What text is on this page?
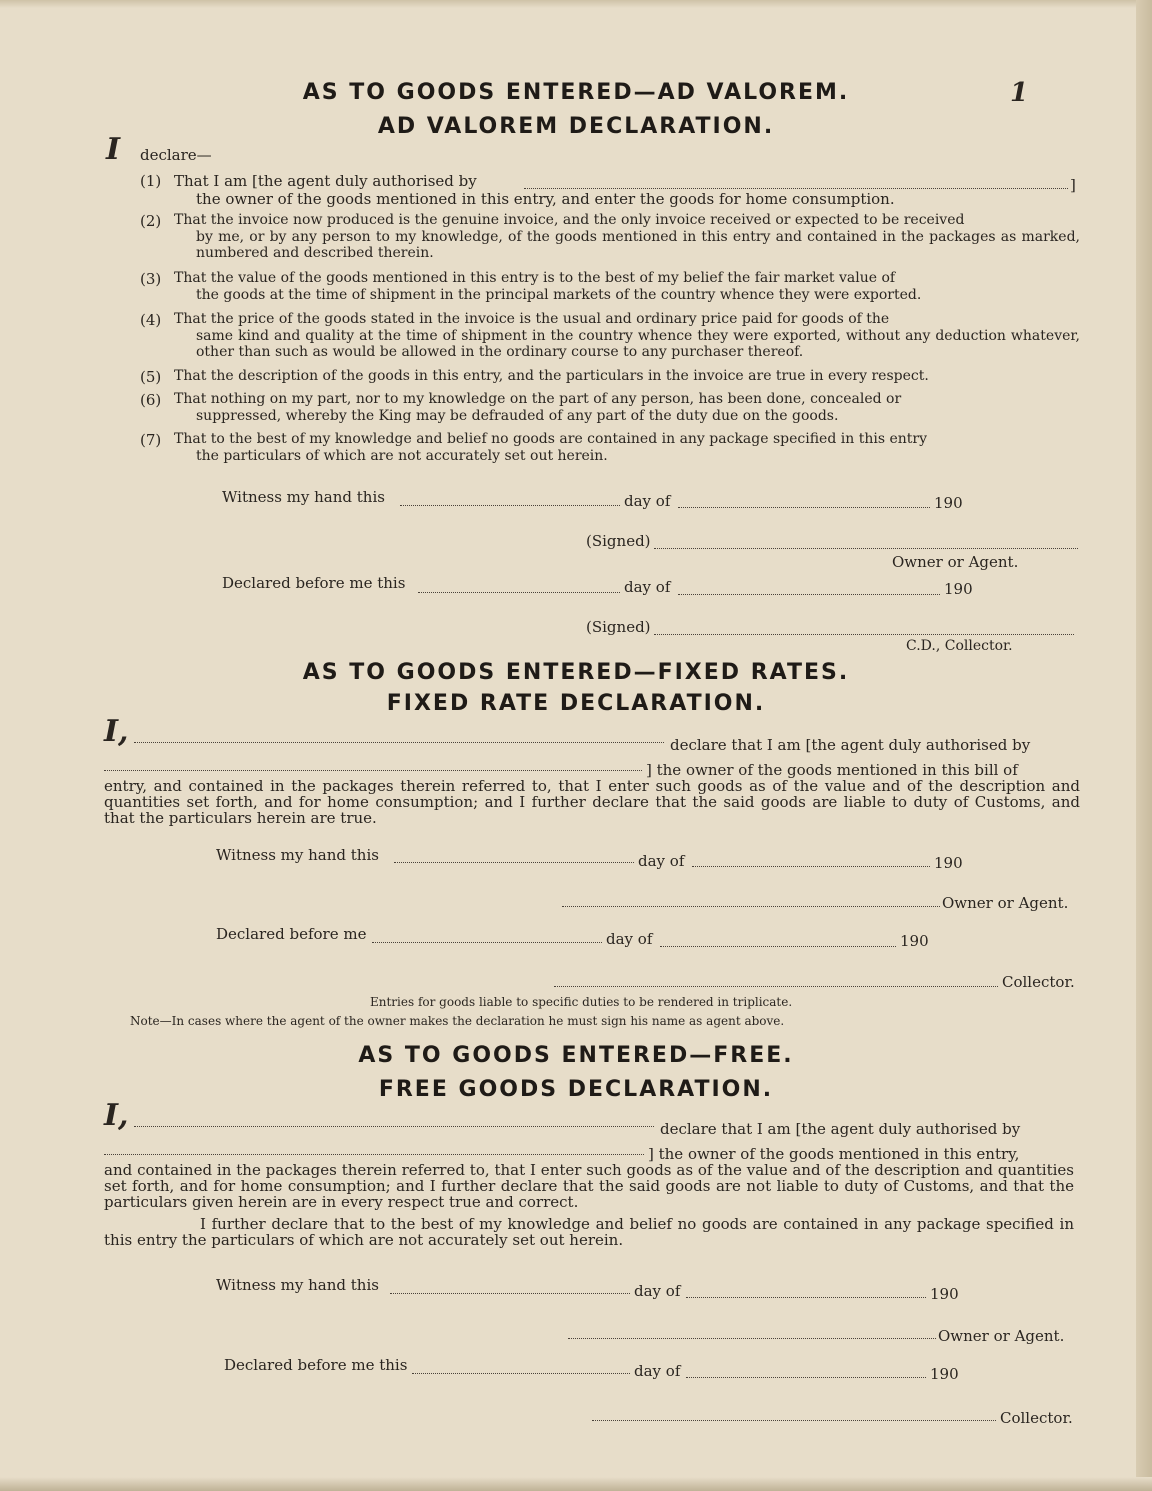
1
AS TO GOODS ENTERED—AD VALOREM.
AD VALOREM DECLARATION.
I declare—
(1) That I am [the agent duly authorised by	]
the owner of the goods mentioned in this entry, and enter the goods for home consumption.
(2) That the invoice now produced is the genuine invoice, and the only invoice received or expected to be received
by me, or by any person to my knowledge, of the goods mentioned in this entry and contained in the packages as marked, numbered and described therein.
(3) That the value of the goods mentioned in this entry is to the best of my belief the fair market value of
the goods at the time of shipment in the principal markets of the country whence they were exported.
(4) That the price of the goods stated in the invoice is the usual and ordinary price paid for goods of the
same kind and quality at the time of shipment in the country whence they were exported, without any deduction whatever, other than such as would be allowed in the ordinary course to any purchaser thereof.
(5) That the description of the goods in this entry, and the particulars in the invoice are true in every respect.
(6) That nothing on my part, nor to my knowledge on the part of any person, has been done, concealed or
suppressed, whereby the King may be defrauded of any part of the duty due on the goods.
(7) That to the best of my knowledge and belief no goods are contained in any package specified in this entry
the particulars of which are not accurately set out herein.
Witness my hand this	day of	190
(Signed)
Owner or Agent.
Declared before me this	day of	190
(Signed)
C.D., Collector.
AS TO GOODS ENTERED—FIXED RATES.
FIXED RATE DECLARATION.
I,	declare that I am [the agent duly authorised by
] the owner of the goods mentioned in this bill of
entry, and contained in the packages therein referred to, that I enter such goods as of the value and of the description and quantities set forth, and for home consumption; and I further declare that the said goods are liable to duty of Customs, and that the particulars herein are true.
Witness my hand this	day of	190
Owner or Agent.
Declared before me	day of	190
Collector.
Entries for goods liable to specific duties to be rendered in triplicate.
Note—In cases where the agent of the owner makes the declaration he must sign his name as agent above.
AS TO GOODS ENTERED—FREE.
FREE GOODS DECLARATION.
I,	declare that I am [the agent duly authorised by
] the owner of the goods mentioned in this entry,
and contained in the packages therein referred to, that I enter such goods as of the value and of the description and quantities set forth, and for home consumption; and I further declare that the said goods are not liable to duty of Customs, and that the particulars given herein are in every respect true and correct.
I further declare that to the best of my knowledge and belief no goods are contained in any package specified in this entry the particulars of which are not accurately set out herein.
Witness my hand this	day of	190
Owner or Agent.
Declared before me this	day of	190
Collector.
